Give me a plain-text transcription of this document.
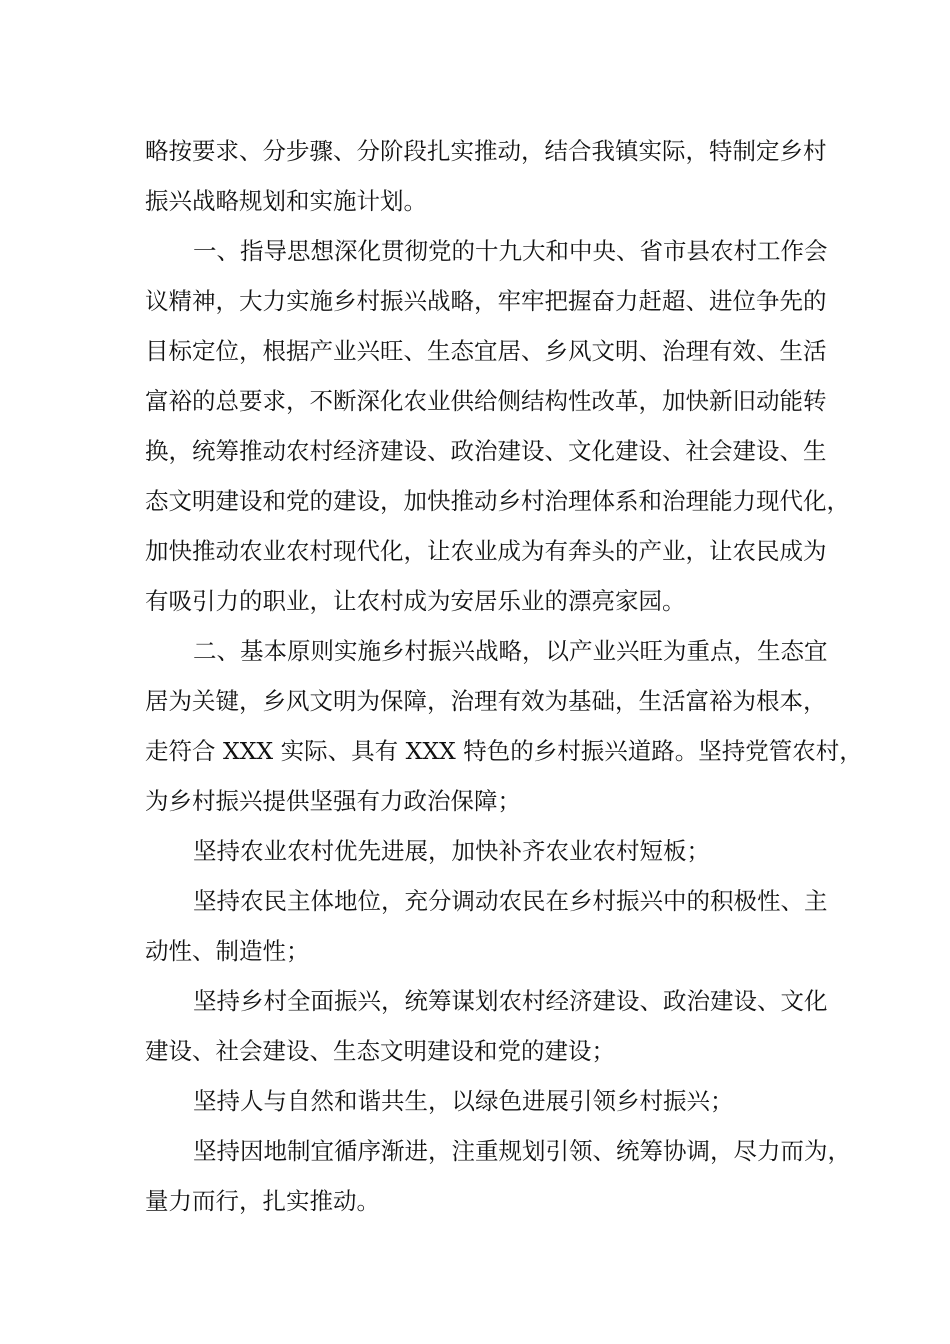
略按要求、分步骤、分阶段扎实推动，结合我镇实际，特制定乡村
振兴战略规划和实施计划。
一、指导思想深化贯彻党的十九大和中央、省市县农村工作会
议精神，大力实施乡村振兴战略，牢牢把握奋力赶超、进位争先的
目标定位，根据产业兴旺、生态宜居、乡风文明、治理有效、生活
富裕的总要求，不断深化农业供给侧结构性改革，加快新旧动能转
换，统筹推动农村经济建设、政治建设、文化建设、社会建设、生
态文明建设和党的建设，加快推动乡村治理体系和治理能力现代化，
加快推动农业农村现代化，让农业成为有奔头的产业，让农民成为
有吸引力的职业，让农村成为安居乐业的漂亮家园。
二、基本原则实施乡村振兴战略，以产业兴旺为重点，生态宜
居为关键，乡风文明为保障，治理有效为基础，生活富裕为根本，
走符合 XXX 实际、具有 XXX 特色的乡村振兴道路。坚持党管农村，
为乡村振兴提供坚强有力政治保障；
坚持农业农村优先进展，加快补齐农业农村短板；
坚持农民主体地位，充分调动农民在乡村振兴中的积极性、主
动性、制造性；
坚持乡村全面振兴，统筹谋划农村经济建设、政治建设、文化
建设、社会建设、生态文明建设和党的建设；
坚持人与自然和谐共生，以绿色进展引领乡村振兴；
坚持因地制宜循序渐进，注重规划引领、统筹协调，尽力而为，
量力而行，扎实推动。
